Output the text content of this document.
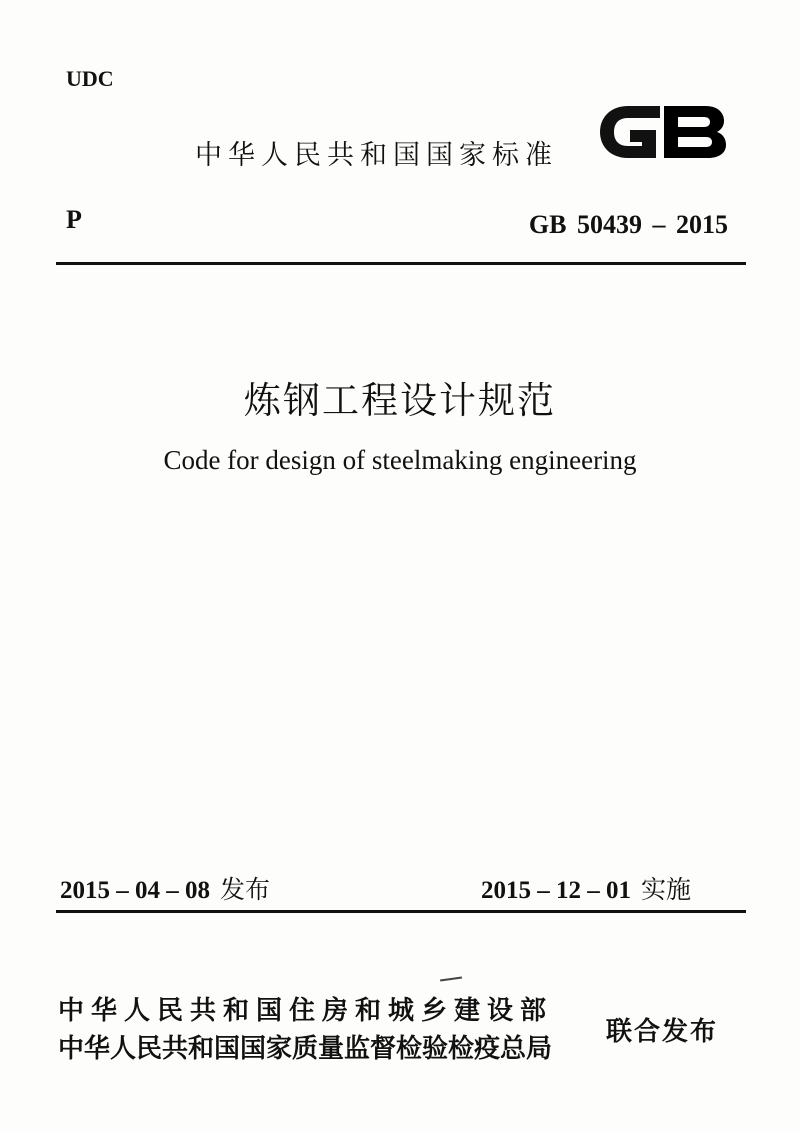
UDC
中华人民共和国国家标准
P	GB 50439 – 2015
炼钢工程设计规范
Code for design of steelmaking engineering
2015 – 04 – 08 发布	2015 – 12 – 01 实施
中华人民共和国住房和城乡建设部
中华人民共和国国家质量监督检验检疫总局
联合发布
